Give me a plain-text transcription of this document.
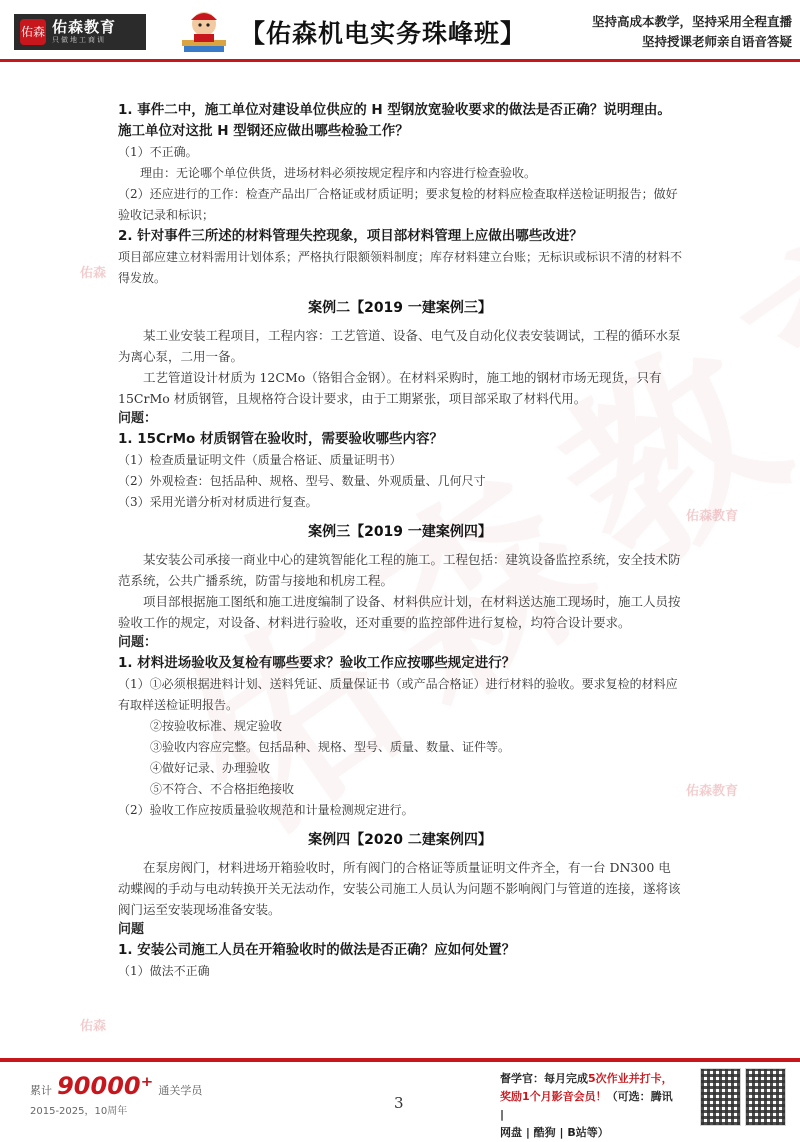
佑森 佑森教育
只做地工商训	【佑森机电实务珠峰班】	坚持高成本教学，坚持采用全程直播
坚持授课老师亲自语音答疑
佑森
佑森教育
佑森教育
佑森

1. 事件二中，施工单位对建设单位供应的 H 型钢放宽验收要求的做法是否正确？说明理由。施工单位对这批 H 型钢还应做出哪些检验工作？

（1）不正确。

理由：无论哪个单位供货，进场材料必须按规定程序和内容进行检查验收。

（2）还应进行的工作：检查产品出厂合格证或材质证明；要求复检的材料应检查取样送检证明报告；做好验收记录和标识；

2. 针对事件三所述的材料管理失控现象，项目部材料管理上应做出哪些改进？

项目部应建立材料需用计划体系；严格执行限额领料制度；库存材料建立台账；无标识或标识不清的材料不得发放。

案例二【2019 一建案例三】

某工业安装工程项目，工程内容：工艺管道、设备、电气及自动化仪表安装调试，工程的循环水泵为离心泵，二用一备。

工艺管道设计材质为 12CMo（铬钼合金钢）。在材料采购时，施工地的钢材市场无现货，只有 15CrMo 材质钢管，且规格符合设计要求，由于工期紧张，项目部采取了材料代用。

问题：

1. 15CrMo 材质钢管在验收时，需要验收哪些内容？

（1）检查质量证明文件（质量合格证、质量证明书）

（2）外观检查：包括品种、规格、型号、数量、外观质量、几何尺寸

（3）采用光谱分析对材质进行复查。

案例三【2019 一建案例四】

某安装公司承接一商业中心的建筑智能化工程的施工。工程包括：建筑设备监控系统，安全技术防范系统，公共广播系统，防雷与接地和机房工程。

项目部根据施工图纸和施工进度编制了设备、材料供应计划，在材料送达施工现场时，施工人员按验收工作的规定，对设备、材料进行验收，还对重要的监控部件进行复检，均符合设计要求。

问题：

1. 材料进场验收及复检有哪些要求？验收工作应按哪些规定进行？

（1）①必须根据进料计划、送料凭证、质量保证书（或产品合格证）进行材料的验收。要求复检的材料应有取样送检证明报告。

②按验收标准、规定验收

③验收内容应完整。包括品种、规格、型号、质量、数量、证件等。

④做好记录、办理验收

⑤不符合、不合格拒绝接收

（2）验收工作应按质量验收规范和计量检测规定进行。

案例四【2020 二建案例四】

在泵房阀门，材料进场开箱验收时，所有阀门的合格证等质量证明文件齐全，有一台 DN300 电动蝶阀的手动与电动转换开关无法动作，安装公司施工人员认为问题不影响阀门与管道的连接，遂将该阀门运至安装现场准备安装。

问题

1. 安装公司施工人员在开箱验收时的做法是否正确？应如何处置？

（1）做法不正确

累计 90000⁺ 通关学员
2015-2025，10周年	3
督学官：每月完成5次作业并打卡，
奖励1个月影音会员！（可选：腾讯 |
网盘 | 酷狗 | B站等）
